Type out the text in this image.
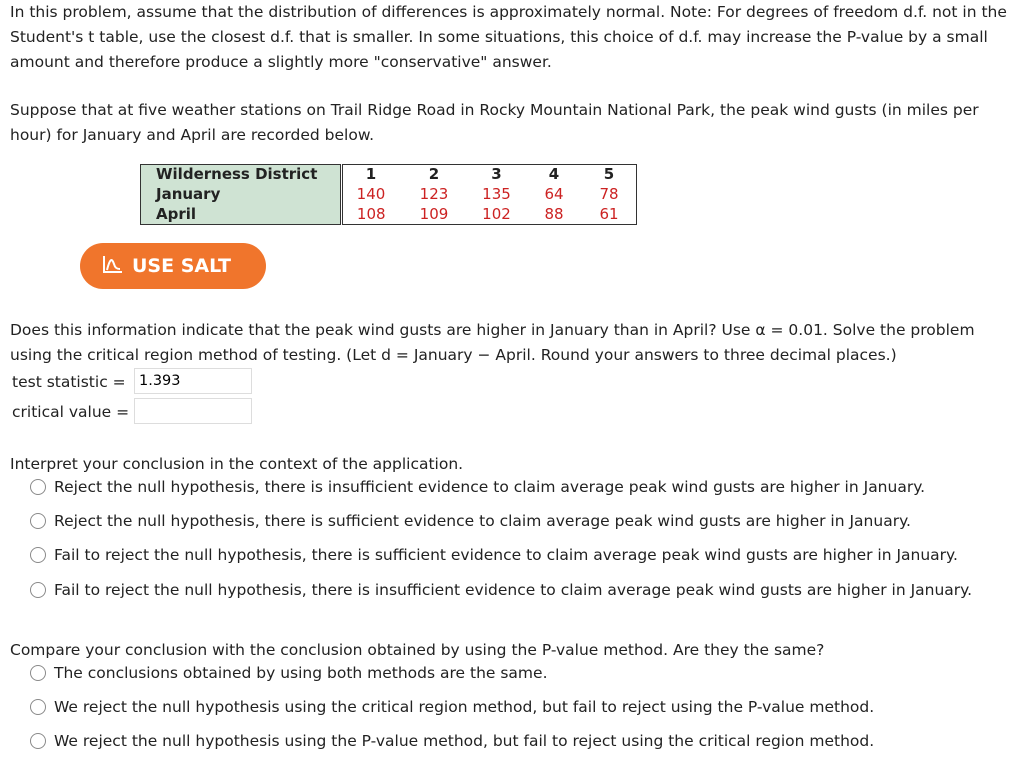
In this problem, assume that the distribution of differences is approximately normal. Note: For degrees of freedom d.f. not in the Student's t table, use the closest d.f. that is smaller. In some situations, this choice of d.f. may increase the P-value by a small amount and therefore produce a slightly more "conservative" answer.
Suppose that at five weather stations on Trail Ridge Road in Rocky Mountain National Park, the peak wind gusts (in miles per hour) for January and April are recorded below.
Wilderness District	1	2	3	4	5
January	140	123	135	64	78
April	108	109	102	88	61
USE SALT
Does this information indicate that the peak wind gusts are higher in January than in April? Use α = 0.01. Solve the problem using the critical region method of testing. (Let d = January − April. Round your answers to three decimal places.)
test statistic =
1.393
critical value =
Interpret your conclusion in the context of the application.
Reject the null hypothesis, there is insufficient evidence to claim average peak wind gusts are higher in January.
Reject the null hypothesis, there is sufficient evidence to claim average peak wind gusts are higher in January.
Fail to reject the null hypothesis, there is sufficient evidence to claim average peak wind gusts are higher in January.
Fail to reject the null hypothesis, there is insufficient evidence to claim average peak wind gusts are higher in January.
Compare your conclusion with the conclusion obtained by using the P-value method. Are they the same?
The conclusions obtained by using both methods are the same.
We reject the null hypothesis using the critical region method, but fail to reject using the P-value method.
We reject the null hypothesis using the P-value method, but fail to reject using the critical region method.
